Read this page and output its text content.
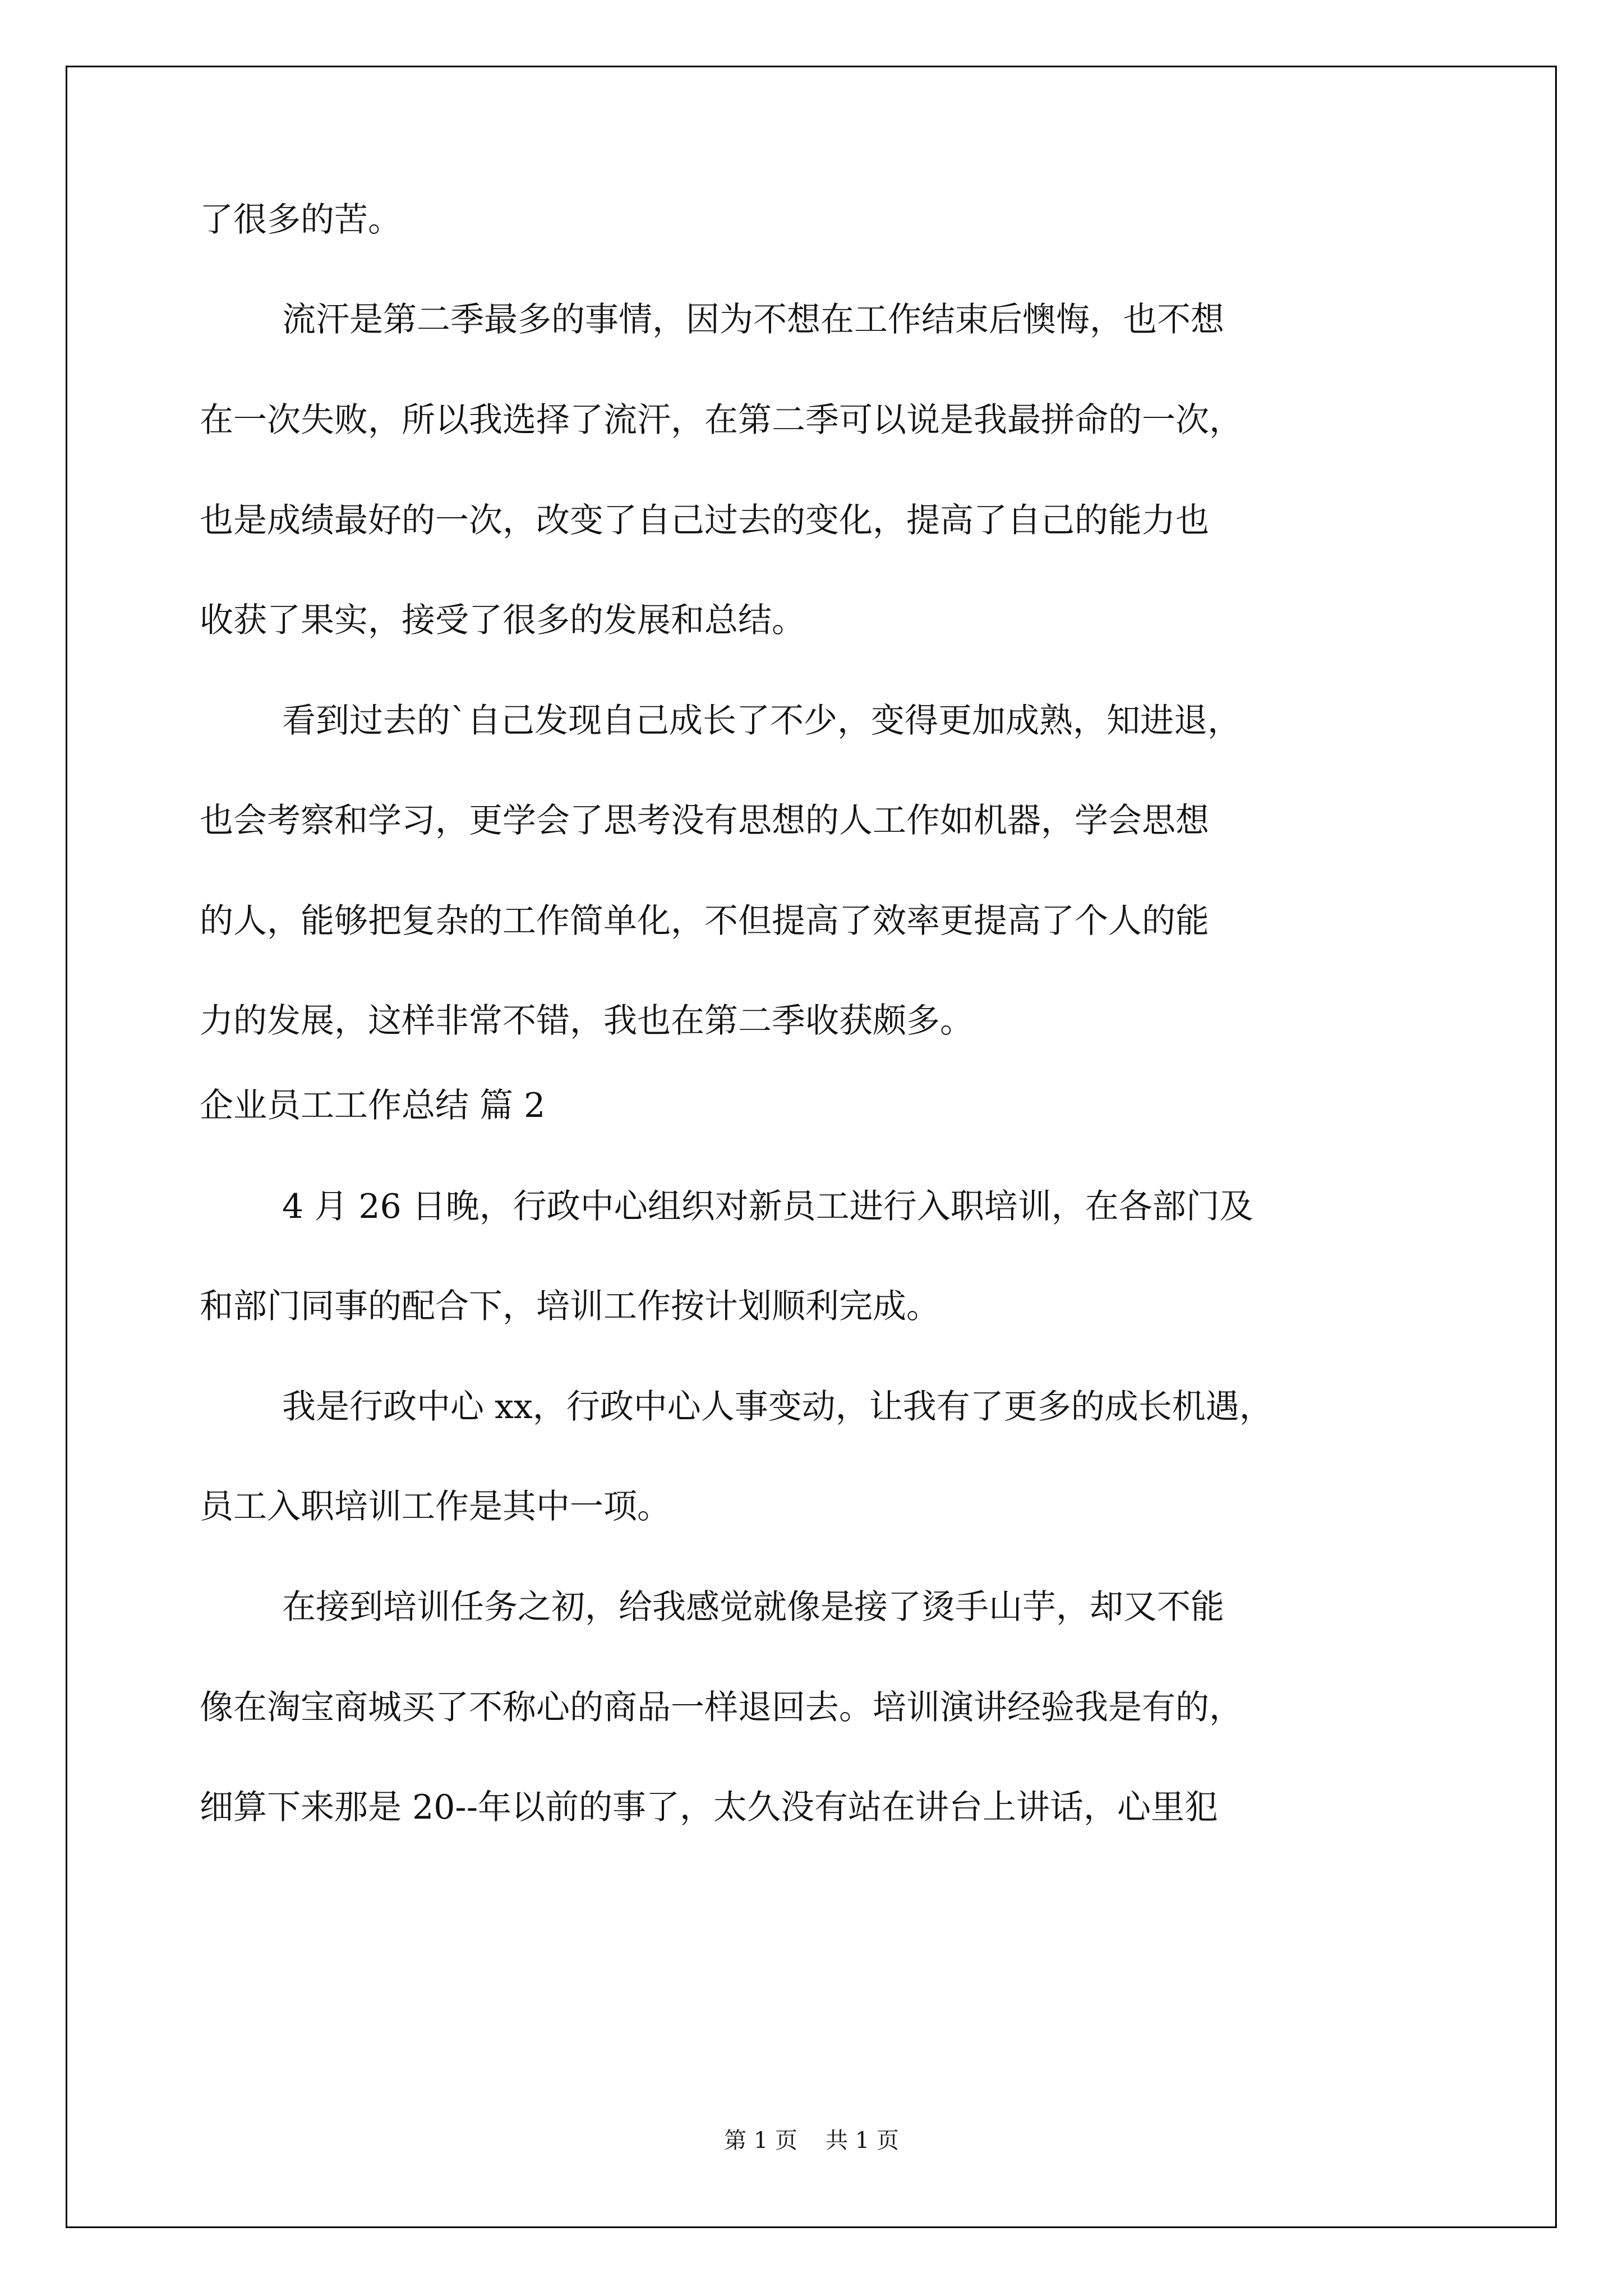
了很多的苦。

流汗是第二季最多的事情，因为不想在工作结束后懊悔，也不想

在一次失败，所以我选择了流汗，在第二季可以说是我最拼命的一次，

也是成绩最好的一次，改变了自己过去的变化，提高了自己的能力也

收获了果实，接受了很多的发展和总结。

看到过去的`自己发现自己成长了不少，变得更加成熟，知进退，

也会考察和学习，更学会了思考没有思想的人工作如机器，学会思想

的人，能够把复杂的工作简单化，不但提高了效率更提高了个人的能

力的发展，这样非常不错，我也在第二季收获颇多。

企业员工工作总结 篇 2

4 月 26 日晚，行政中心组织对新员工进行入职培训，在各部门及

和部门同事的配合下，培训工作按计划顺利完成。

我是行政中心 xx，行政中心人事变动，让我有了更多的成长机遇，

员工入职培训工作是其中一项。

在接到培训任务之初，给我感觉就像是接了烫手山芋，却又不能

像在淘宝商城买了不称心的商品一样退回去。培训演讲经验我是有的，

细算下来那是 20--年以前的事了，太久没有站在讲台上讲话，心里犯

第 1 页 共 1 页
